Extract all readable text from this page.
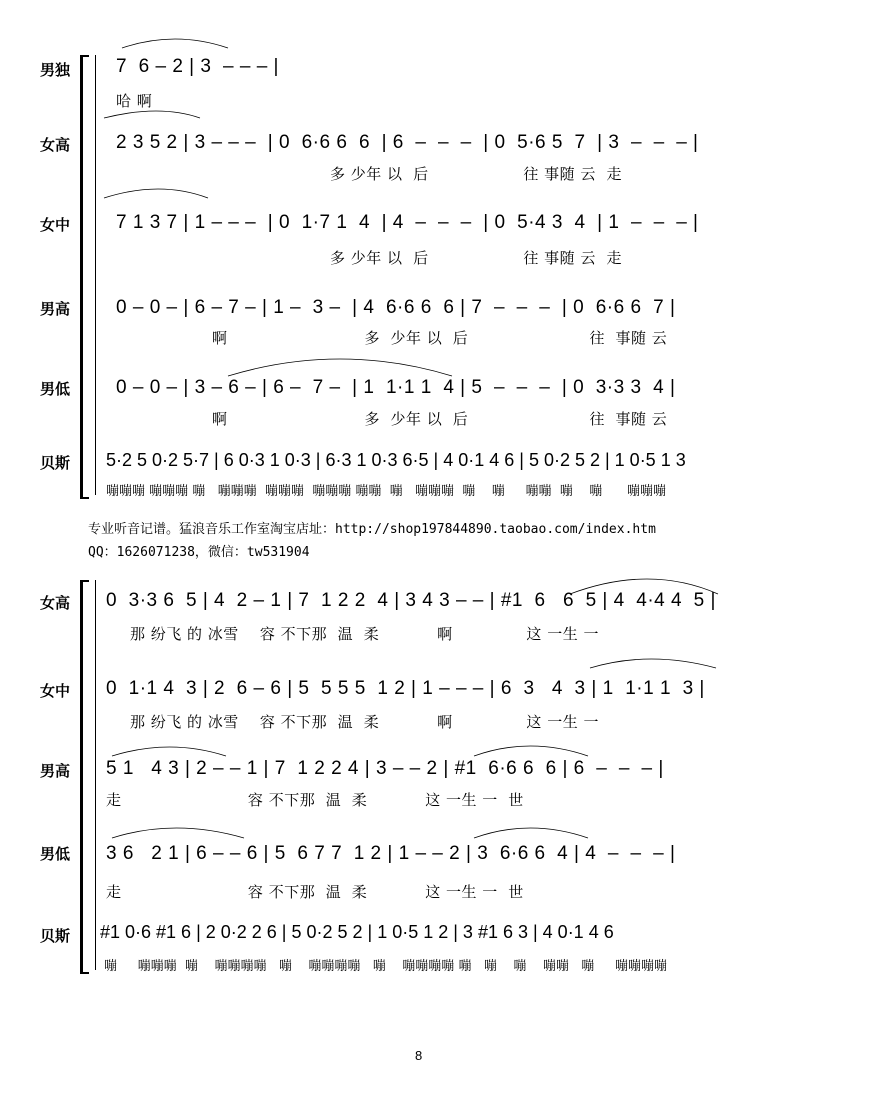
男独 7  6 – 2 | 3  – – – |
哈 啊
女高 2 3 5 2 | 3 – – –  | 0  6·6 6  6  | 6  –  –  –  | 0  5·6 5  7  | 3  –  –  – |
多 少年 以  后                  往 事随 云  走
女中 7 1 3 7 | 1 – – –  | 0  1·7 1  4  | 4  –  –  –  | 0  5·4 3  4  | 1  –  –  – |
多 少年 以  后                  往 事随 云  走
男高 0 – 0 – | 6 – 7 – | 1 –  3 –  | 4  6·6 6  6 | 7  –  –  –  | 0  6·6 6  7 |
啊                          多  少年 以  后                       往  事随 云
男低 0 – 0 – | 3 – 6 – | 6 –  7 –  | 1  1·1 1  4 | 5  –  –  –  | 0  3·3 3  4 |
啊                          多  少年 以  后                       往  事随 云
贝斯 5·2 5 0·2 5·7 | 6 0·3 1 0·3 | 6·3 1 0·3 6·5 | 4 0·1 4 6 | 5 0·2 5 2 | 1 0·5 1 3
嘣嘣嘣 嘣嘣嘣 嘣   嘣嘣嘣  嘣嘣嘣  嘣嘣嘣 嘣嘣  嘣   嘣嘣嘣  嘣    嘣     嘣嘣  嘣    嘣      嘣嘣嘣
专业听音记谱。猛浪音乐工作室淘宝店址：http://shop197844890.taobao.com/index.htm
QQ：1626071238，微信：tw531904
女高 0  3·3 6  5 | 4  2 – 1 | 7  1 2 2  4 | 3 4 3 – – | #1  6   6  5 | 4  4·4 4  5 |
那 纷飞 的 冰雪    容 不下那  温  柔           啊              这 一生 一
女中 0  1·1 4  3 | 2  6 – 6 | 5  5 5 5  1 2 | 1 – – – | 6  3   4  3 | 1  1·1 1  3 |
那 纷飞 的 冰雪    容 不下那  温  柔           啊              这 一生 一
男高 5 1   4 3 | 2 – – 1 | 7  1 2 2 4 | 3 – – 2 | #1  6·6 6  6 | 6  –  –  – |
走                        容 不下那  温  柔           这 一生 一  世
男低 3 6   2 1 | 6 – – 6 | 5  6 7 7  1 2 | 1 – – 2 | 3  6·6 6  4 | 4  –  –  – |
走                        容 不下那  温  柔           这 一生 一  世
贝斯 #1 0·6 #1 6 | 2 0·2 2 6 | 5 0·2 5 2 | 1 0·5 1 2 | 3 #1 6 3 | 4 0·1 4 6
嘣     嘣嘣嘣  嘣    嘣嘣嘣嘣   嘣    嘣嘣嘣嘣   嘣    嘣嘣嘣嘣 嘣   嘣    嘣    嘣嘣   嘣     嘣嘣嘣嘣
8
